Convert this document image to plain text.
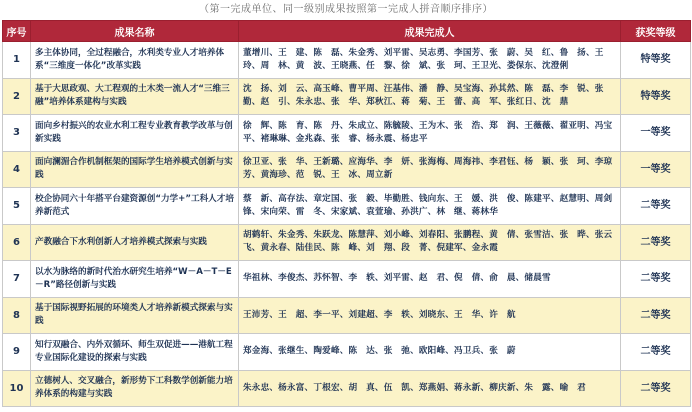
（第一完成单位、同一级别成果按照第一完成人拼音顺序排序）
序号	成果名称	成果完成人	获奖等级
1	多主体协同，全过程融合，水利类专业人才培养体系“三维度一体化”改革实践	董增川、王　建、陈　磊、朱金秀、刘平雷、吴志勇、李国芳、张　蔚、吴　红、鲁　扬、王　玲、周　林、黄　波、王晓燕、任　黎、徐　斌、张　珂、王卫光、娄保东、沈澄俐	特等奖
2	基于大思政观、大工程观的土木类一流人才“三维三融”培养体系建构与实践	沈　扬、刘　云、高玉峰、曹平周、汪基伟、潘　静、吴宝海、孙其然、陈　磊、李　锐、张　勤、赵　引、朱永忠、张　华、郑秋江、蒋　菊、王　蕾、高　军、张红日、沈　鼎	特等奖
3	面向乡村振兴的农业水利工程专业教育教学改革与创新实践	徐　辉、陈　育、陈　丹、朱成立、陈毓陵、王为木、张　浩、郑　润、王薇薇、翟亚明、冯宝平、褚琳琳、金兆森、张　睿、杨永震、杨忠平	一等奖
4	面向澜湄合作机制框架的国际学生培养模式创新与实践	徐卫亚、张　华、王新璐、应海华、李　妍、张海梅、周海祎、李君钰、杨　颖、张　珂、李琼芳、黄海珍、范　锐、王　冰、周立新	一等奖
5	校企协同六十年搭平台建资源创“力学+”工科人才培养新范式	蔡　新、高存法、章定国、张　毅、毕勤胜、钱向东、王　媛、洪　俊、陈建平、赵慧明、周剑锋、宋向荣、雷　冬、宋家斌、袁萱瑜、孙洪广、林　继、蒋林华	二等奖
6	产教融合下水利创新人才培养模式探索与实践	胡鹤轩、朱金秀、朱跃龙、陈慧萍、刘小峰、刘春阳、张鹏程、黄　倩、张雪洁、张　晔、张云飞、黄永春、陆佳民、陈　峰、刘　翔、段　菁、倪建军、金永霞	二等奖
7	以水为脉络的新时代治水研究生培养“W－A－T－E－R”路径创新与实践	华祖林、李俊杰、苏怀智、李　轶、刘平雷、赵　君、倪　倩、俞　晨、储晨雪	二等奖
8	基于国际视野拓展的环境类人才培养新模式探索与实践	王沛芳、王　超、李一平、刘建超、李　轶、刘晓东、王　华、许　航	二等奖
9	知行双融合、内外双循环、师生双促进——港航工程专业国际化建设的探索与实践	郑金海、张继生、陶爱峰、陈　达、张　弛、欧阳峰、冯卫兵、张　蔚	二等奖
10	立德树人、交叉融合，新形势下工科数学创新能力培养体系的构建与实践	朱永忠、杨永富、丁根宏、胡　真、伍　凯、郑燕娟、蒋永新、柳庆新、朱　露、喻　君	二等奖
